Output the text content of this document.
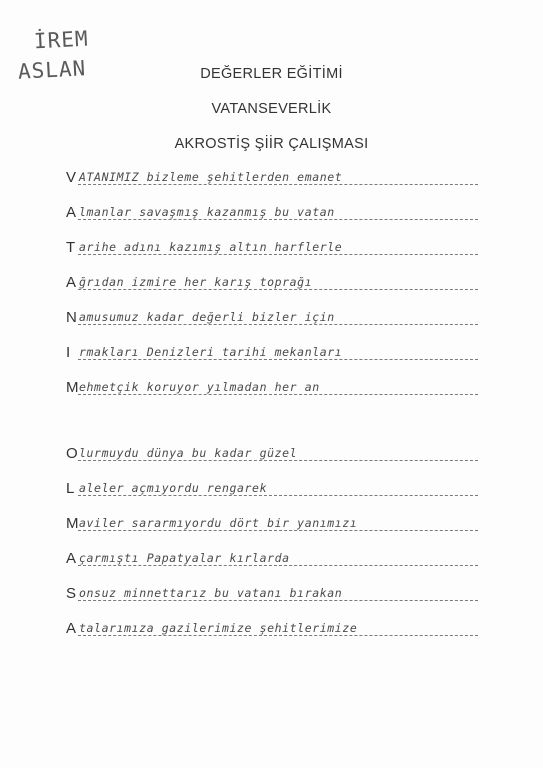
İREM
ASLAN	DEĞERLER EĞİTİMİ
VATANSEVERLİK
AKROSTİŞ ŞİİR ÇALIŞMASI
V ATANIMIZ bizleme şehitlerden emanet
A lmanlar savaşmış kazanmış bu vatan
T arihe adını kazımış altın harflerle
A ğrıdan izmire her karış toprağı
N amusumuz kadar değerli bizler için
I rmakları Denizleri tarihi mekanları
M ehmetçik koruyor yılmadan her an
O lurmuydu dünya bu kadar güzel
L aleler açmıyordu rengarek
M aviler sararmıyordu dört bir yanımızı
A çarmıştı Papatyalar kırlarda
S onsuz minnettarız bu vatanı bırakan
A talarımıza gazilerimize şehitlerimize
